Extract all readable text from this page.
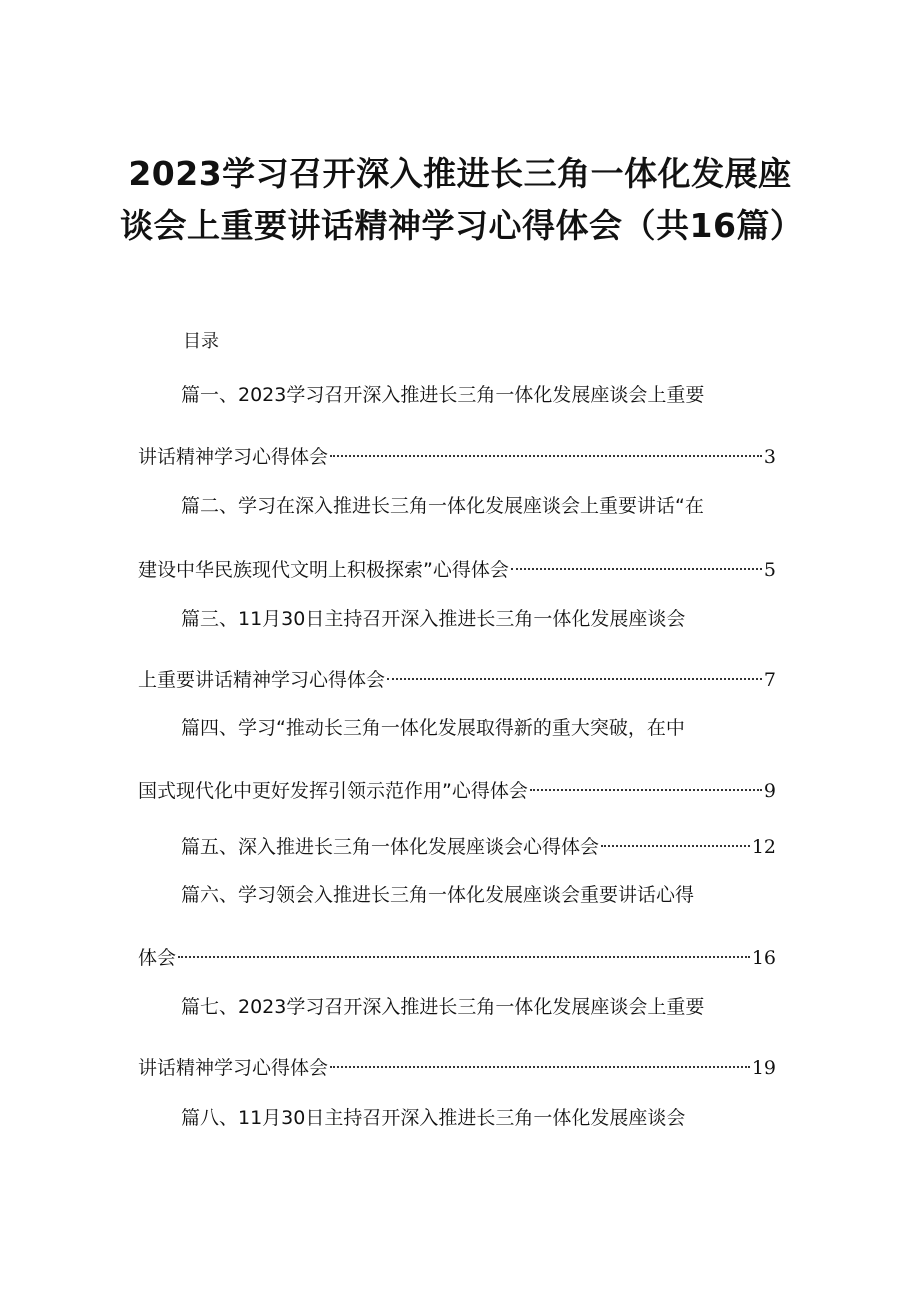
2023学习召开深入推进长三角一体化发展座谈会上重要讲话精神学习心得体会（共16篇）
目录
篇一、2023学习召开深入推进长三角一体化发展座谈会上重要
讲话精神学习心得体会	3
篇二、学习在深入推进长三角一体化发展座谈会上重要讲话“在
建设中华民族现代文明上积极探索”心得体会	5
篇三、11月30日主持召开深入推进长三角一体化发展座谈会
上重要讲话精神学习心得体会	7
篇四、学习“推动长三角一体化发展取得新的重大突破，在中
国式现代化中更好发挥引领示范作用”心得体会	9
篇五、深入推进长三角一体化发展座谈会心得体会	12
篇六、学习领会入推进长三角一体化发展座谈会重要讲话心得
体会	16
篇七、2023学习召开深入推进长三角一体化发展座谈会上重要
讲话精神学习心得体会	19
篇八、11月30日主持召开深入推进长三角一体化发展座谈会
